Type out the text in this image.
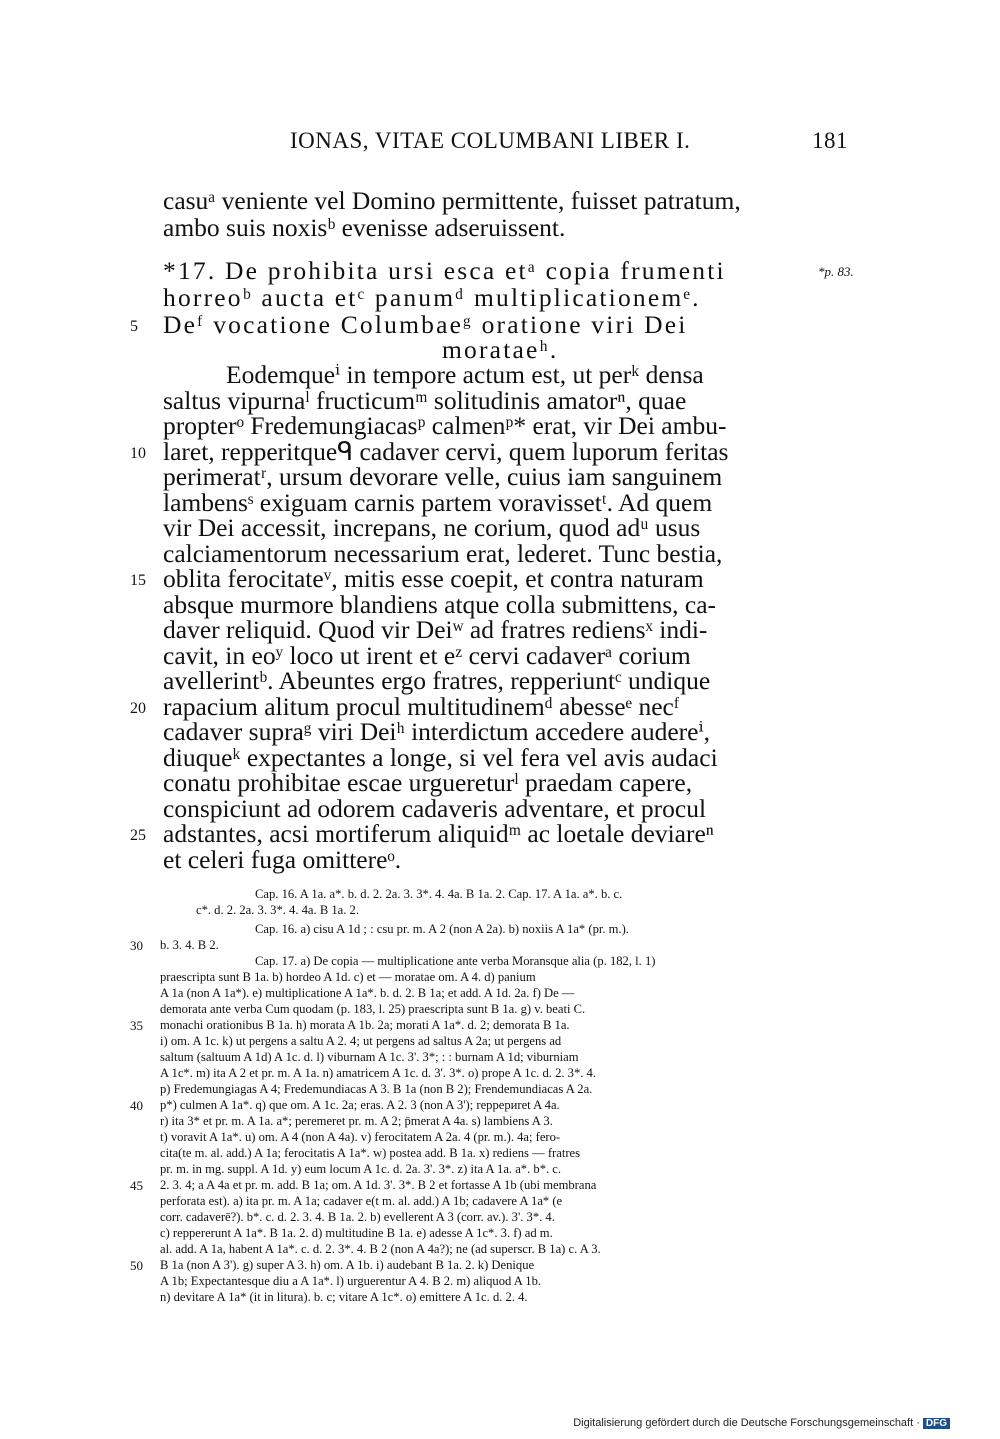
IONAS, VITAE COLUMBANI LIBER I.	181
casuᵃ veniente vel Domino permittente, fuisset patratum,
ambo suis noxisᵇ evenisse adseruissent.
*17. De prohibita ursi esca etᵃ copia frumenti	*p. 83.
horreoᵇ aucta etᶜ panumᵈ multiplicationemᵉ.
Deᶠ vocatione Columbaeᵍ oratione viri Dei
morataeʰ.
Eodemqueⁱ in tempore actum est, ut perᵏ densa
saltus vipurnaˡ fructicumᵐ solitudinis amatorⁿ, quae
propterᵒ Fredemungiacasᵖ calmenᵖ* erat, vir Dei ambu-
laret, repperitqueᑫ cadaver cervi, quem luporum feritas
perimeratʳ, ursum devorare velle, cuius iam sanguinem
lambensˢ exiguam carnis partem voravissetᵗ. Ad quem
vir Dei accessit, increpans, ne corium, quod adᵘ usus
calciamentorum necessarium erat, lederet. Tunc bestia,
oblita ferocitateᵛ, mitis esse coepit, et contra naturam
absque murmore blandiens atque colla submittens, ca-
daver reliquid. Quod vir Deiʷ ad fratres rediensˣ indi-
cavit, in eoʸ loco ut irent et eᶻ cervi cadaverᵃ corium
avellerintᵇ. Abeuntes ergo fratres, repperiuntᶜ undique
rapacium alitum procul multitudinemᵈ abesseᵉ necᶠ
cadaver supraᵍ viri Deiʰ interdictum accedere audereⁱ,
diuqueᵏ expectantes a longe, si vel fera vel avis audaci
conatu prohibitae escae urguereturˡ praedam capere,
conspiciunt ad odorem cadaveris adventare, et procul
adstantes, acsi mortiferum aliquidᵐ ac loetale deviareⁿ
et celeri fuga omittereᵒ.
5
10
15
20
25
Cap. 16. A 1a. a*. b. d. 2. 2a. 3. 3*. 4. 4a. B 1a. 2. Cap. 17. A 1a. a*. b. c.
c*. d. 2. 2a. 3. 3*. 4. 4a. B 1a. 2.
Cap. 16. a) cisu A 1d ; : csu pr. m. A 2 (non A 2a). b) noxiis A 1a* (pr. m.).
b. 3. 4. B 2.
Cap. 17. a) De copia — multiplicatione ante verba Moransque alia (p. 182, l. 1)
praescripta sunt B 1a. b) hordeo A 1d. c) et — moratae om. A 4. d) panium
A 1a (non A 1a*). e) multiplicatione A 1a*. b. d. 2. B 1a; et add. A 1d. 2a. f) De —
demorata ante verba Cum quodam (p. 183, l. 25) praescripta sunt B 1a. g) v. beati C.
monachi orationibus B 1a. h) morata A 1b. 2a; morati A 1a*. d. 2; demorata B 1a.
i) om. A 1c. k) ut pergens a saltu A 2. 4; ut pergens ad saltus A 2a; ut pergens ad
saltum (saltuum A 1d) A 1c. d. l) viburnam A 1c. 3'. 3*; : : burnam A 1d; viburniam
A 1c*. m) ita A 2 et pr. m. A 1a. n) amatricem A 1c. d. 3'. 3*. o) prope A 1c. d. 2. 3*. 4.
p) Fredemungiagas A 4; Fredemundiacas A 3. B 1a (non B 2); Frendemundiacas A 2a.
p*) culmen A 1a*. q) que om. A 1c. 2a; eras. A 2. 3 (non A 3'); reppериret A 4a.
r) ita 3* et pr. m. A 1a. a*; peremeret pr. m. A 2; p̄merat A 4a. s) lambiens A 3.
t) voravit A 1a*. u) om. A 4 (non A 4a). v) ferocitatem A 2a. 4 (pr. m.). 4a; fero-
cita(te m. al. add.) A 1a; ferocitatis A 1a*. w) postea add. B 1a. x) rediens — fratres
pr. m. in mg. suppl. A 1d. y) eum locum A 1c. d. 2a. 3'. 3*. z) ita A 1a. a*. b*. c.
2. 3. 4; a A 4a et pr. m. add. B 1a; om. A 1d. 3'. 3*. B 2 et fortasse A 1b (ubi membrana
perforata est). a) ita pr. m. A 1a; cadaver e(t m. al. add.) A 1b; cadavere A 1a* (e
corr. cadaverē?). b*. c. d. 2. 3. 4. B 1a. 2. b) evellerent A 3 (corr. av.). 3'. 3*. 4.
c) reppererunt A 1a*. B 1a. 2. d) multitudine B 1a. e) adesse A 1c*. 3. f) ad m.
al. add. A 1a, habent A 1a*. c. d. 2. 3*. 4. B 2 (non A 4a?); ne (ad superscr. B 1a) c. A 3.
B 1a (non A 3'). g) super A 3. h) om. A 1b. i) audebant B 1a. 2. k) Denique
A 1b; Expectantesque diu a A 1a*. l) urguerentur A 4. B 2. m) aliquod A 1b.
n) devitare A 1a* (it in litura). b. c; vitare A 1c*. o) emittere A 1c. d. 2. 4.
30
35
40
45
50

Digitalisierung gefördert durch die Deutsche Forschungsgemeinschaft · DFG
